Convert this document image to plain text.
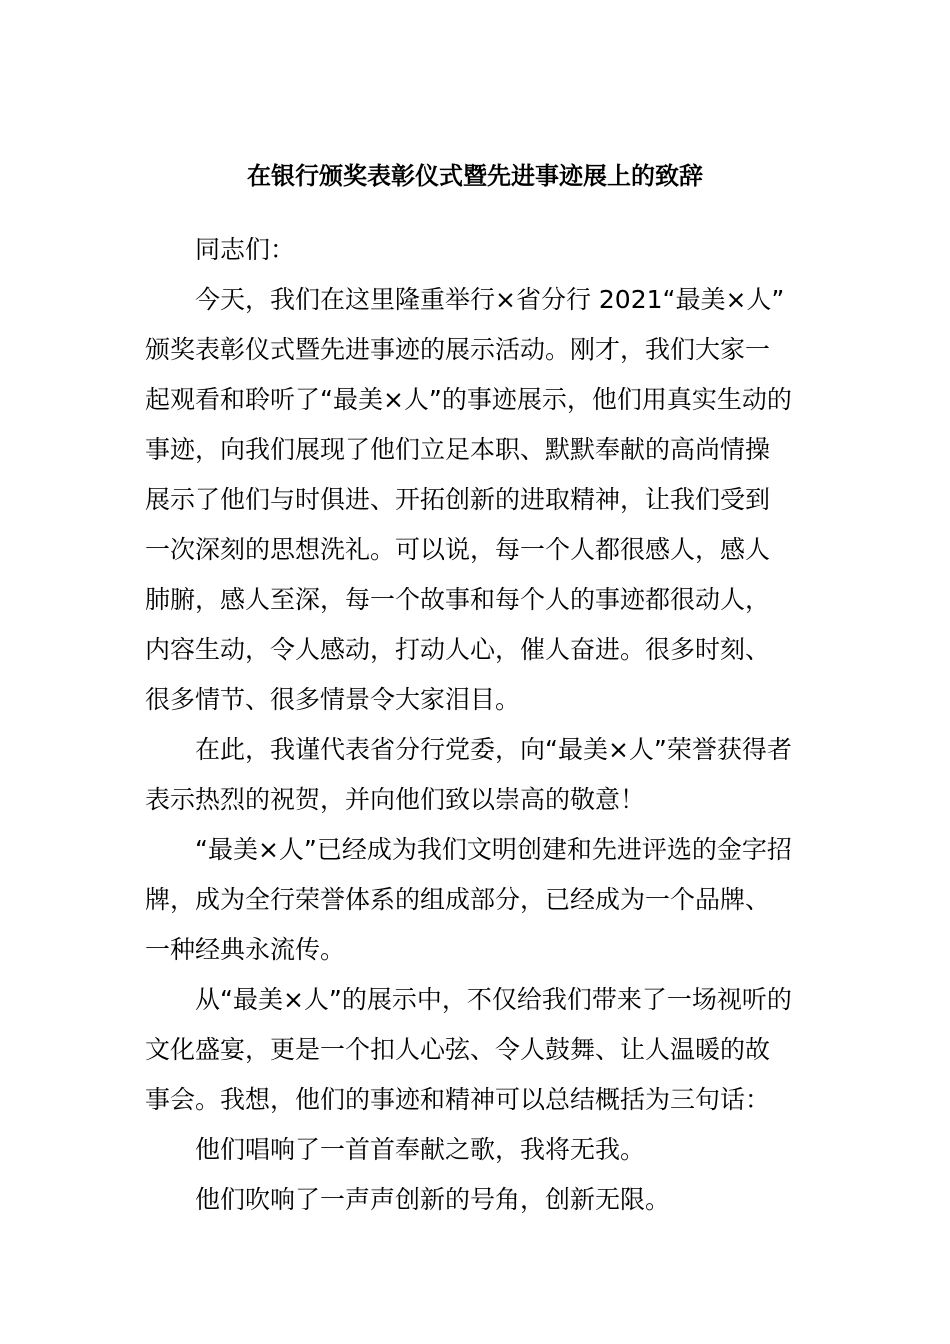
在银行颁奖表彰仪式暨先进事迹展上的致辞
同志们：
今天，我们在这里隆重举行×省分行 2021“最美×人”
颁奖表彰仪式暨先进事迹的展示活动。刚才，我们大家一
起观看和聆听了“最美×人”的事迹展示，他们用真实生动的
事迹，向我们展现了他们立足本职、默默奉献的高尚情操
展示了他们与时俱进、开拓创新的进取精神，让我们受到
一次深刻的思想洗礼。可以说，每一个人都很感人，感人
肺腑，感人至深，每一个故事和每个人的事迹都很动人，
内容生动，令人感动，打动人心，催人奋进。很多时刻、
很多情节、很多情景令大家泪目。
在此，我谨代表省分行党委，向“最美×人”荣誉获得者
表示热烈的祝贺，并向他们致以崇高的敬意！
“最美×人”已经成为我们文明创建和先进评选的金字招
牌，成为全行荣誉体系的组成部分，已经成为一个品牌、
一种经典永流传。
从“最美×人”的展示中，不仅给我们带来了一场视听的
文化盛宴，更是一个扣人心弦、令人鼓舞、让人温暖的故
事会。我想，他们的事迹和精神可以总结概括为三句话：
他们唱响了一首首奉献之歌，我将无我。
他们吹响了一声声创新的号角，创新无限。
